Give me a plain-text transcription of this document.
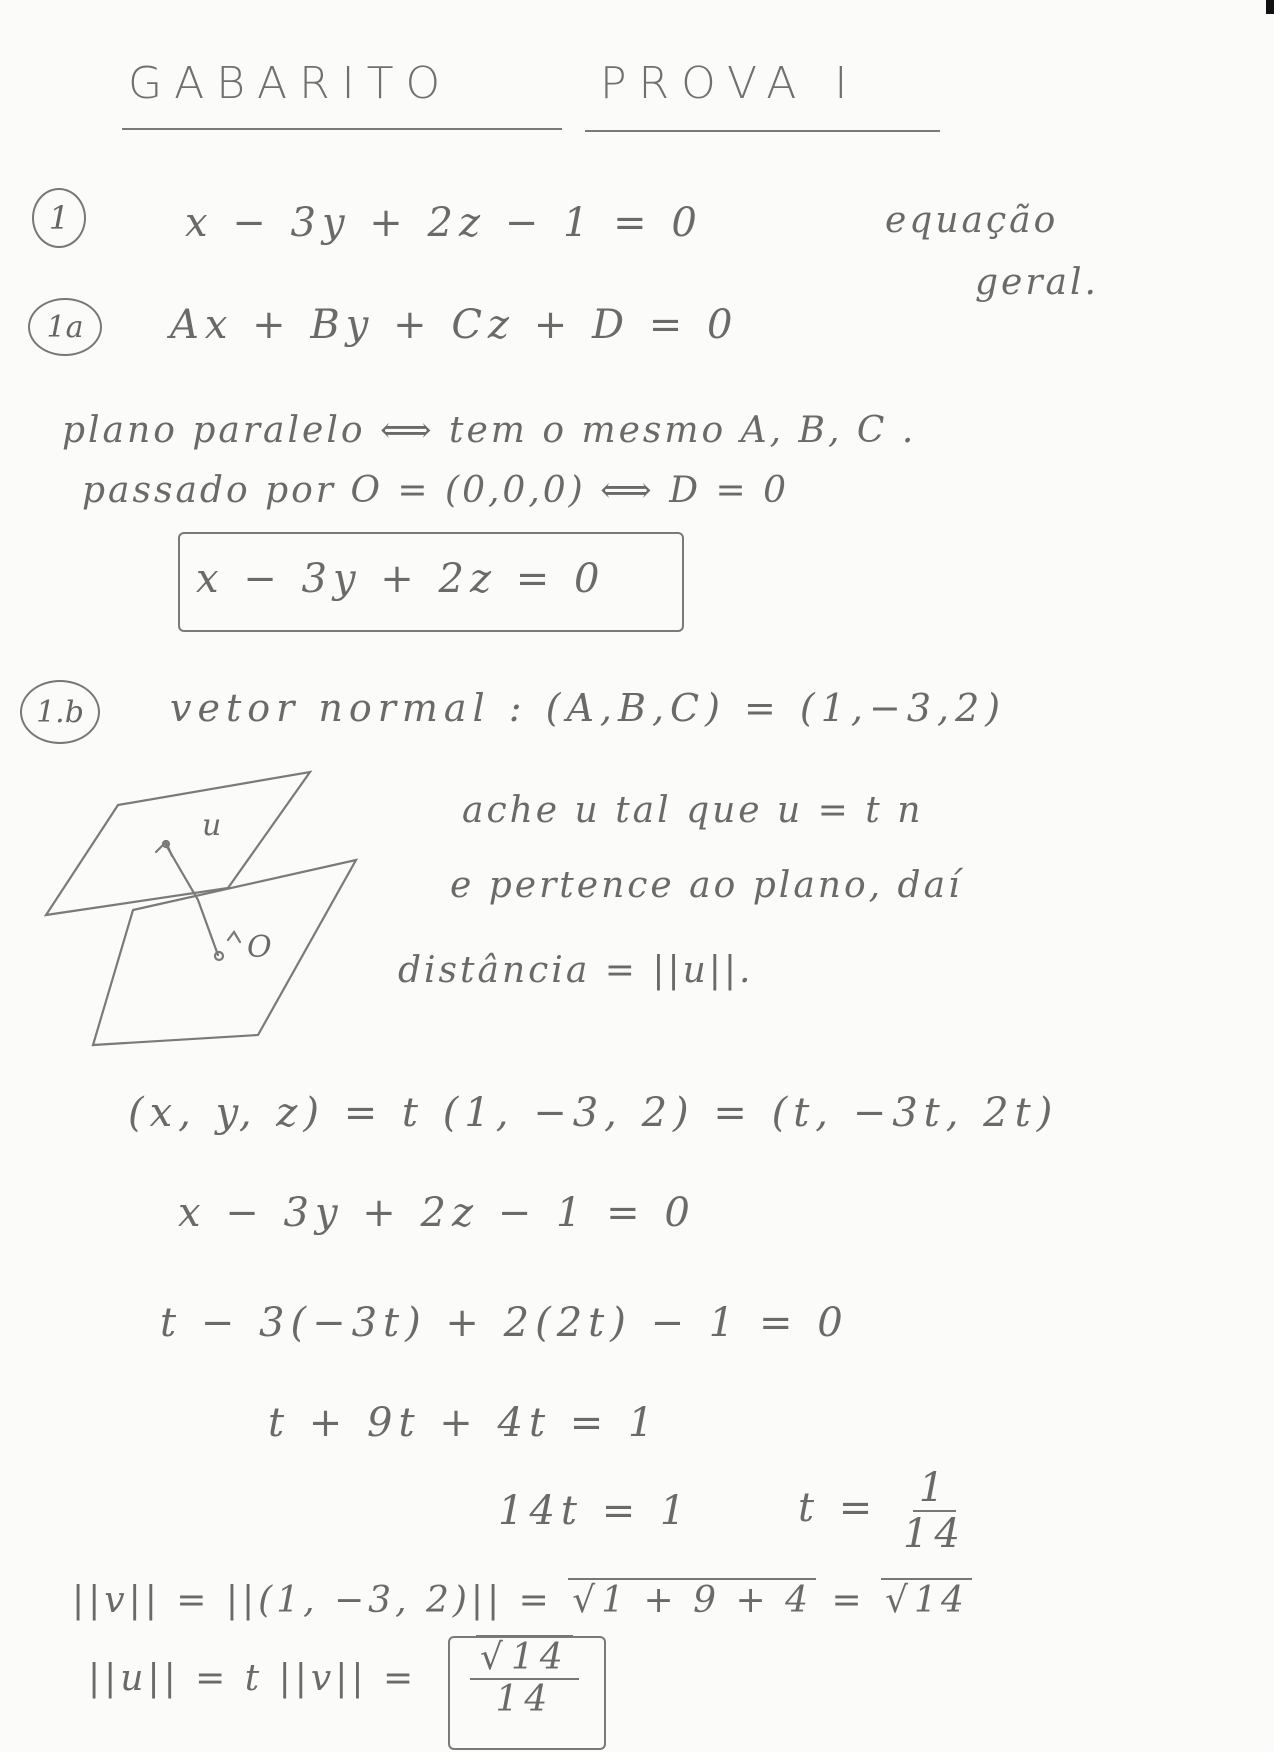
GABARITO	PROVA I
1	x − 3y + 2z − 1 = 0	equação
geral.
1a Ax + By + Cz + D = 0
plano paralelo ⟺ tem o mesmo A, B, C .
passado por O = (0,0,0) ⟺ D = 0
x − 3y + 2z = 0
1.b vetor normal : (A,B,C) = (1,−3,2)
u
O
ache u tal que u = t n
e pertence ao plano, daí
distância = ||u||.
(x, y, z) = t (1, −3, 2) = (t, −3t, 2t)
x − 3y + 2z − 1 = 0
t − 3(−3t) + 2(2t) − 1 = 0
t + 9t + 4t = 1
14t = 1	$t = \frac{1}{14}$
||v|| = ||(1, −3, 2)|| = √ 1 + 9 + 4 = √ 14
||u|| = t ||v|| = √ $\frac{14}{14}$
